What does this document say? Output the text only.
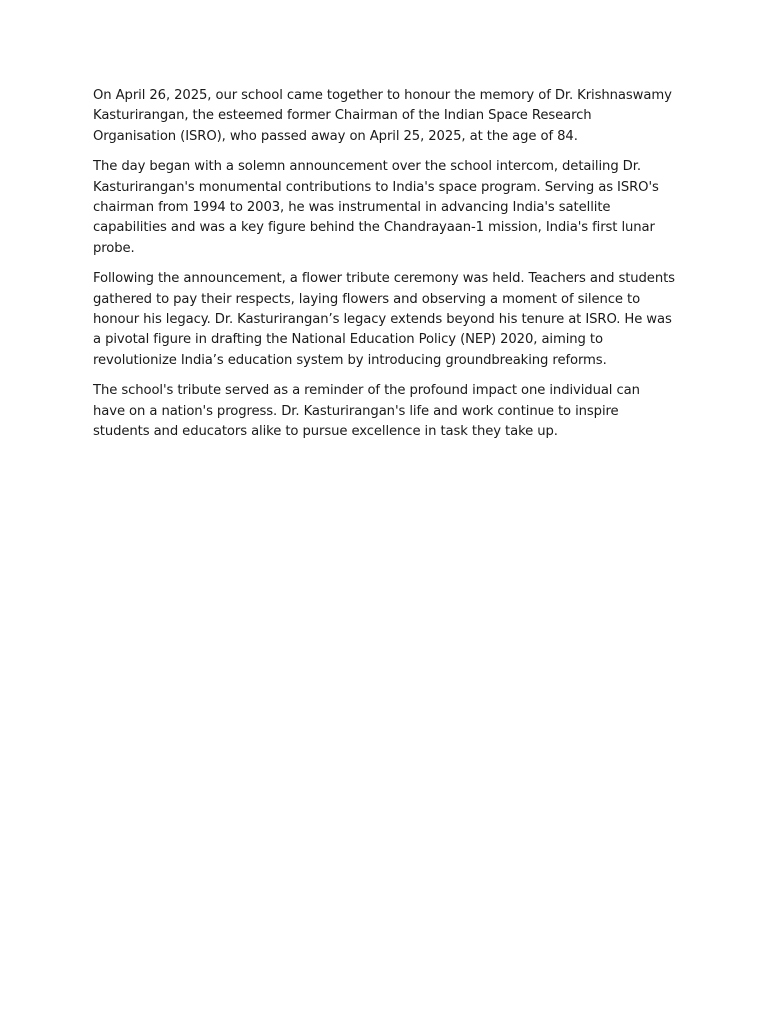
On April 26, 2025, our school came together to honour the memory of Dr. Krishnaswamy Kasturirangan, the esteemed former Chairman of the Indian Space Research Organisation (ISRO), who passed away on April 25, 2025, at the age of 84.

The day began with a solemn announcement over the school intercom, detailing Dr. Kasturirangan's monumental contributions to India's space program. Serving as ISRO's chairman from 1994 to 2003, he was instrumental in advancing India's satellite capabilities and was a key figure behind the Chandrayaan-1 mission, India's first lunar probe.

Following the announcement, a flower tribute ceremony was held. Teachers and students gathered to pay their respects, laying flowers and observing a moment of silence to honour his legacy. Dr. Kasturirangan’s legacy extends beyond his tenure at ISRO. He was a pivotal figure in drafting the National Education Policy (NEP) 2020, aiming to revolutionize India’s education system by introducing groundbreaking reforms.

The school's tribute served as a reminder of the profound impact one individual can have on a nation's progress. Dr. Kasturirangan's life and work continue to inspire students and educators alike to pursue excellence in task they take up.
